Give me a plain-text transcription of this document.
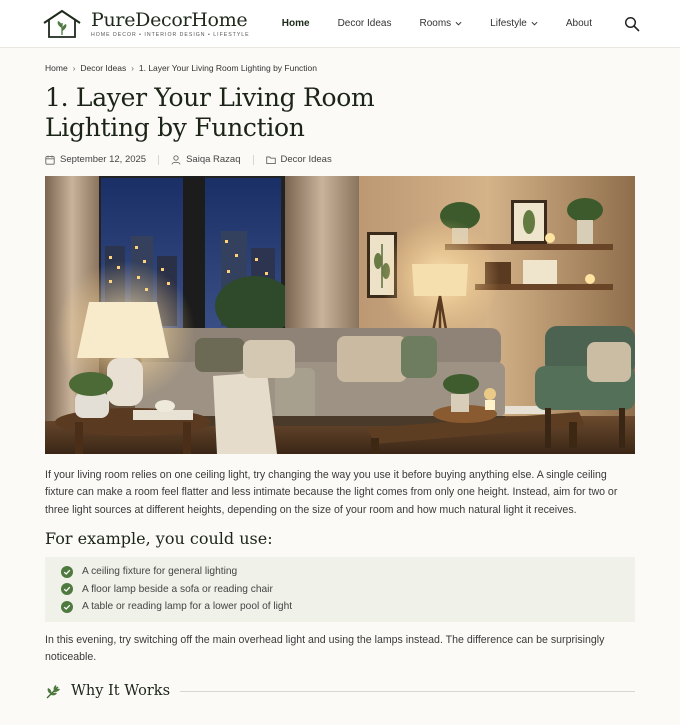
PureDecorHome
HOME DECOR • INTERIOR DESIGN • LIFESTYLE
Home	Decor Ideas	Rooms	Lifestyle	About
Home › Decor Ideas › 1. Layer Your Living Room Lighting by Function
1. Layer Your Living Room Lighting by Function
September 12, 2025	Saiqa Razaq	Decor Ideas

If your living room relies on one ceiling light, try changing the way you use it before buying anything else. A single ceiling fixture can make a room feel flatter and less intimate because the light comes from only one height. Instead, aim for two or three light sources at different heights, depending on the size of your room and how much natural light it receives.

For example, you could use:
A ceiling fixture for general lighting
A floor lamp beside a sofa or reading chair
A table or reading lamp for a lower pool of light

In this evening, try switching off the main overhead light and using the lamps instead. The difference can be surprisingly noticeable.

Why It Works
